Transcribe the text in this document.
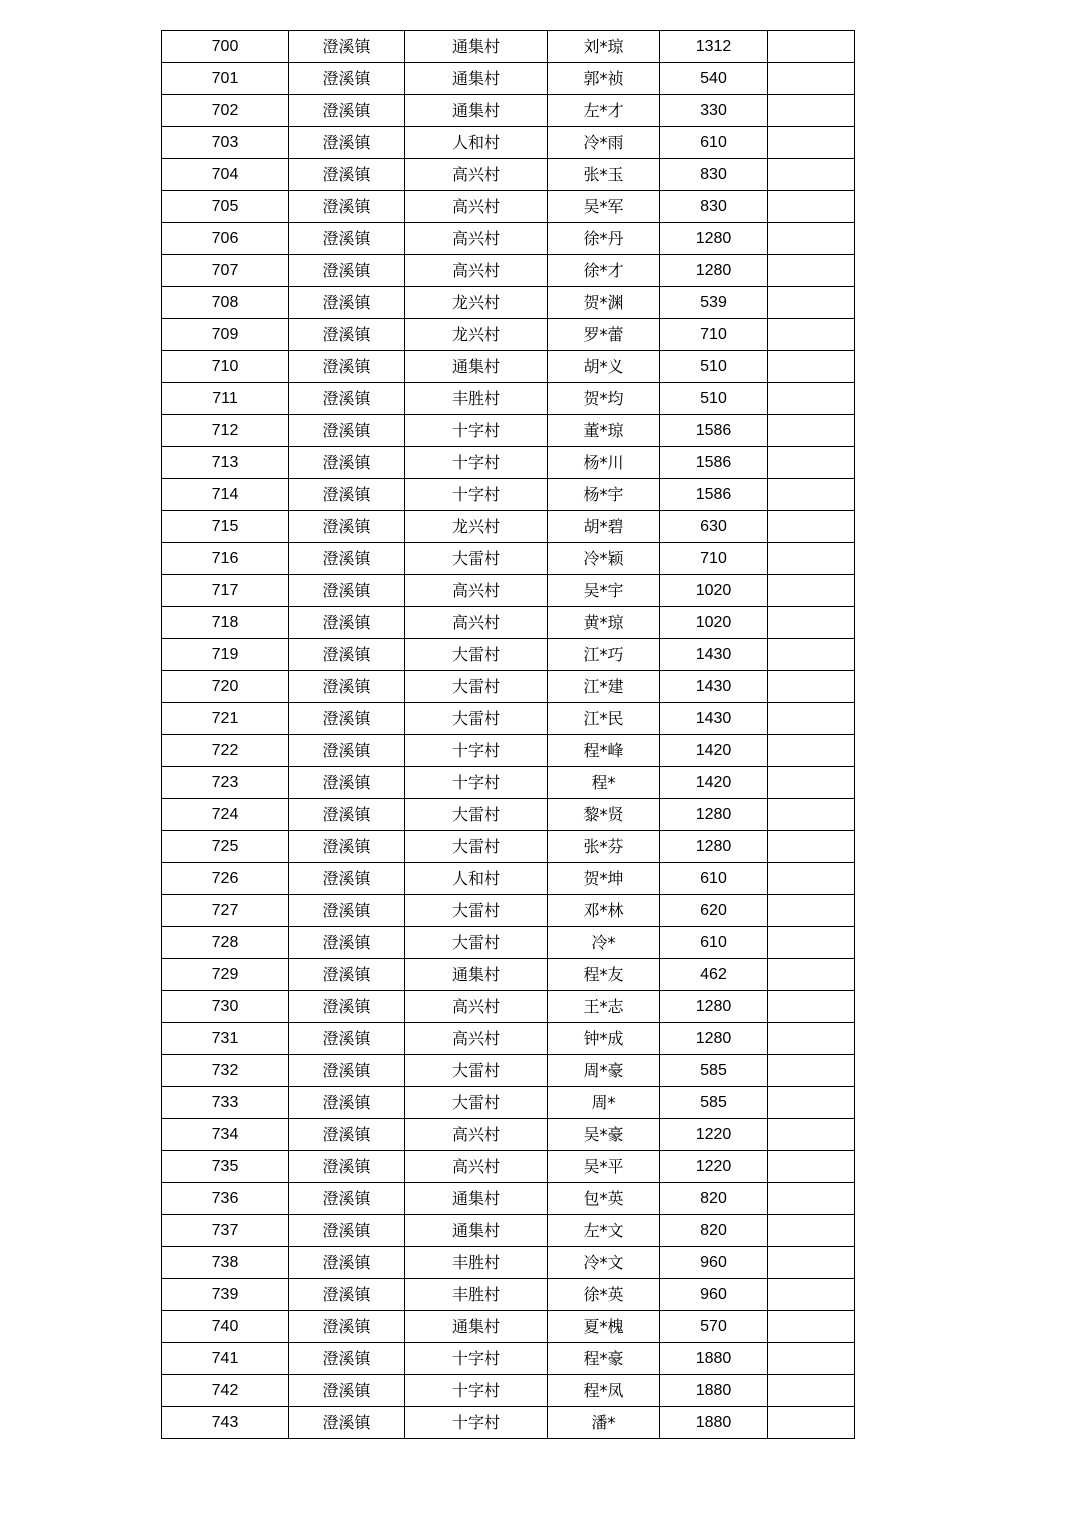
700	澄溪镇	通集村	刘*琼	1312	
701	澄溪镇	通集村	郭*祯	540	
702	澄溪镇	通集村	左*才	330	
703	澄溪镇	人和村	冷*雨	610	
704	澄溪镇	高兴村	张*玉	830	
705	澄溪镇	高兴村	吴*军	830	
706	澄溪镇	高兴村	徐*丹	1280	
707	澄溪镇	高兴村	徐*才	1280	
708	澄溪镇	龙兴村	贺*渊	539	
709	澄溪镇	龙兴村	罗*蕾	710	
710	澄溪镇	通集村	胡*义	510	
711	澄溪镇	丰胜村	贺*均	510	
712	澄溪镇	十字村	董*琼	1586	
713	澄溪镇	十字村	杨*川	1586	
714	澄溪镇	十字村	杨*宇	1586	
715	澄溪镇	龙兴村	胡*碧	630	
716	澄溪镇	大雷村	冷*颖	710	
717	澄溪镇	高兴村	吴*宇	1020	
718	澄溪镇	高兴村	黄*琼	1020	
719	澄溪镇	大雷村	江*巧	1430	
720	澄溪镇	大雷村	江*建	1430	
721	澄溪镇	大雷村	江*民	1430	
722	澄溪镇	十字村	程*峰	1420	
723	澄溪镇	十字村	程*	1420	
724	澄溪镇	大雷村	黎*贤	1280	
725	澄溪镇	大雷村	张*芬	1280	
726	澄溪镇	人和村	贺*坤	610	
727	澄溪镇	大雷村	邓*林	620	
728	澄溪镇	大雷村	冷*	610	
729	澄溪镇	通集村	程*友	462	
730	澄溪镇	高兴村	王*志	1280	
731	澄溪镇	高兴村	钟*成	1280	
732	澄溪镇	大雷村	周*豪	585	
733	澄溪镇	大雷村	周*	585	
734	澄溪镇	高兴村	吴*豪	1220	
735	澄溪镇	高兴村	吴*平	1220	
736	澄溪镇	通集村	包*英	820	
737	澄溪镇	通集村	左*文	820	
738	澄溪镇	丰胜村	冷*文	960	
739	澄溪镇	丰胜村	徐*英	960	
740	澄溪镇	通集村	夏*槐	570	
741	澄溪镇	十字村	程*豪	1880	
742	澄溪镇	十字村	程*凤	1880	
743	澄溪镇	十字村	潘*	1880	
